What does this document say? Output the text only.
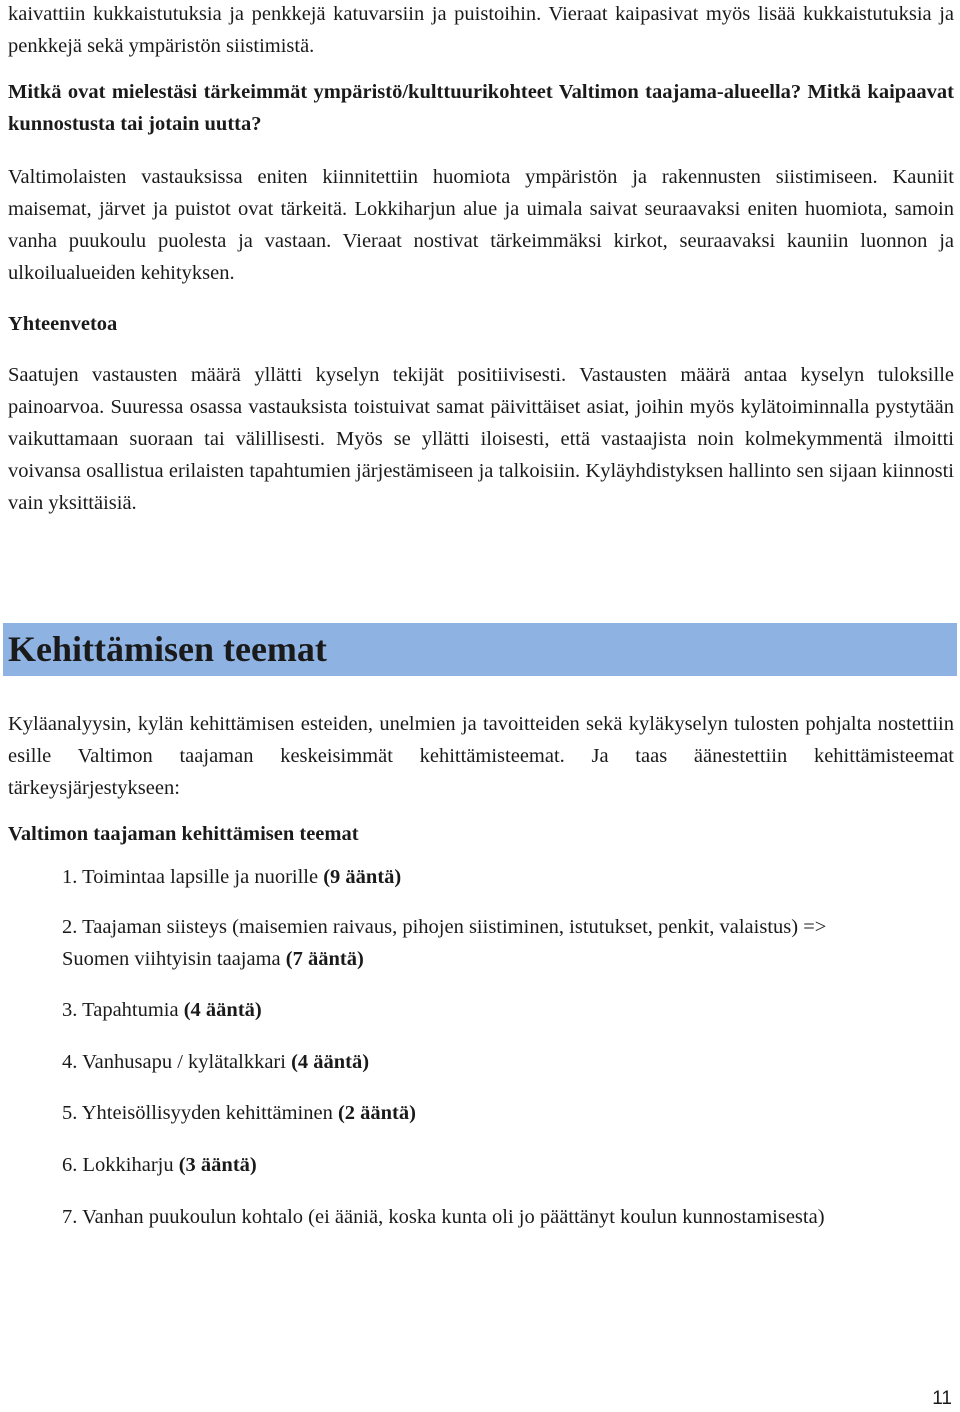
kaivattiin kukkaistutuksia ja penkkejä katuvarsiin ja puistoihin. Vieraat kaipasivat myös lisää kukkaistutuksia ja penkkejä sekä ympäristön siistimistä.

Mitkä ovat mielestäsi tärkeimmät ympäristö/kulttuurikohteet Valtimon taajama-alueella? Mitkä kaipaavat kunnostusta tai jotain uutta?

Valtimolaisten vastauksissa eniten kiinnitettiin huomiota ympäristön ja rakennusten siistimiseen. Kauniit maisemat, järvet ja puistot ovat tärkeitä. Lokkiharjun alue ja uimala saivat seuraavaksi eniten huomiota, samoin vanha puukoulu puolesta ja vastaan. Vieraat nostivat tärkeimmäksi kirkot, seuraavaksi kauniin luonnon ja ulkoilualueiden kehityksen.

Yhteenvetoa

Saatujen vastausten määrä yllätti kyselyn tekijät positiivisesti. Vastausten määrä antaa kyselyn tuloksille painoarvoa. Suuressa osassa vastauksista toistuivat samat päivittäiset asiat, joihin myös kylätoiminnalla pystytään vaikuttamaan suoraan tai välillisesti. Myös se yllätti iloisesti, että vastaajista noin kolmekymmentä ilmoitti voivansa osallistua erilaisten tapahtumien järjestämiseen ja talkoisiin. Kyläyhdistyksen hallinto sen sijaan kiinnosti vain yksittäisiä.

Kehittämisen teemat

Kyläanalyysin, kylän kehittämisen esteiden, unelmien ja tavoitteiden sekä kyläkyselyn tulosten pohjalta nostettiin esille Valtimon taajaman keskeisimmät kehittämisteemat. Ja taas äänestettiin kehittämisteemat tärkeysjärjestykseen:

Valtimon taajaman kehittämisen teemat
1. Toimintaa lapsille ja nuorille (9 ääntä)
2. Taajaman siisteys (maisemien raivaus, pihojen siistiminen, istutukset, penkit, valaistus) => Suomen viihtyisin taajama (7 ääntä)
3. Tapahtumia (4 ääntä)
4. Vanhusapu / kylätalkkari (4 ääntä)
5. Yhteisöllisyyden kehittäminen (2 ääntä)
6. Lokkiharju (3 ääntä)
7. Vanhan puukoulun kohtalo (ei ääniä, koska kunta oli jo päättänyt koulun kunnostamisesta)
11
